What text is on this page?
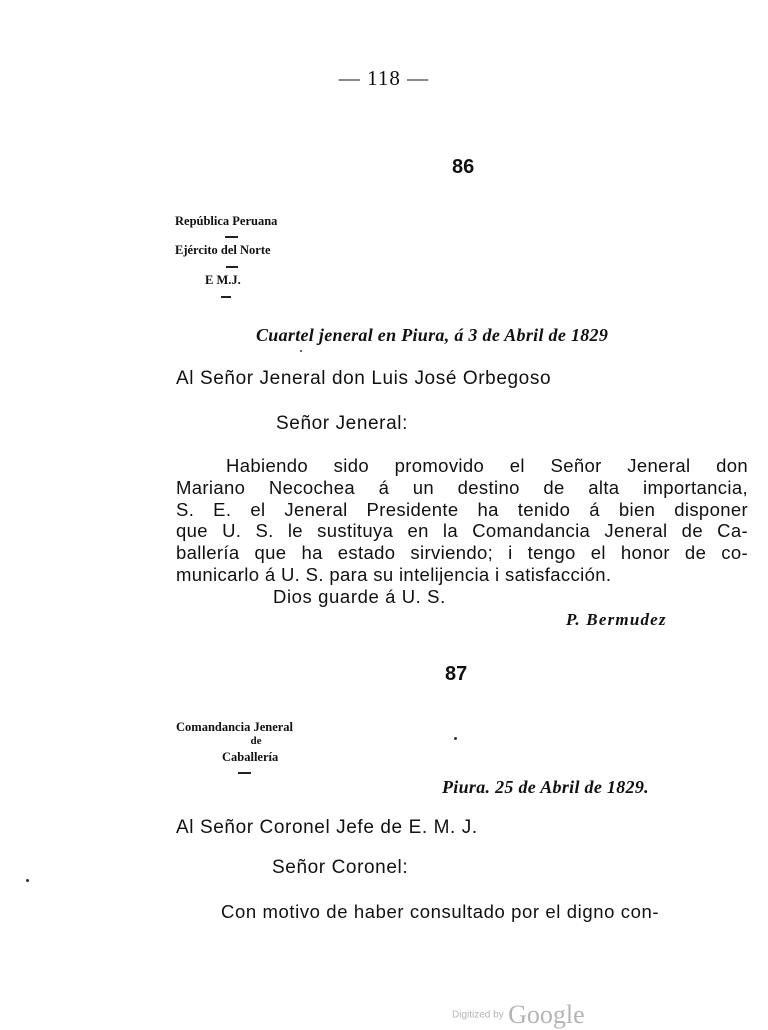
— 118 —
86
República Peruana
Ejército del Norte
E M.J.
Cuartel jeneral en Piura, á 3 de Abril de 1829
Al Señor Jeneral don Luis José Orbegoso
Señor Jeneral:
Habiendo sido promovido el Señor Jeneral don
Mariano Necochea á un destino de alta importancia,
S. E. el Jeneral Presidente ha tenido á bien disponer
que U. S. le sustituya en la Comandancia Jeneral de Ca-
ballería que ha estado sirviendo; i tengo el honor de co-
municarlo á U. S. para su intelijencia i satisfacción.
Dios guarde á U. S.
P. Bermudez
87
Comandancia Jeneral
de
Caballería
Piura. 25 de Abril de 1829.
Al Señor Coronel Jefe de E. M. J.
Señor Coronel:
Con motivo de haber consultado por el digno con-
Digitized by Google
